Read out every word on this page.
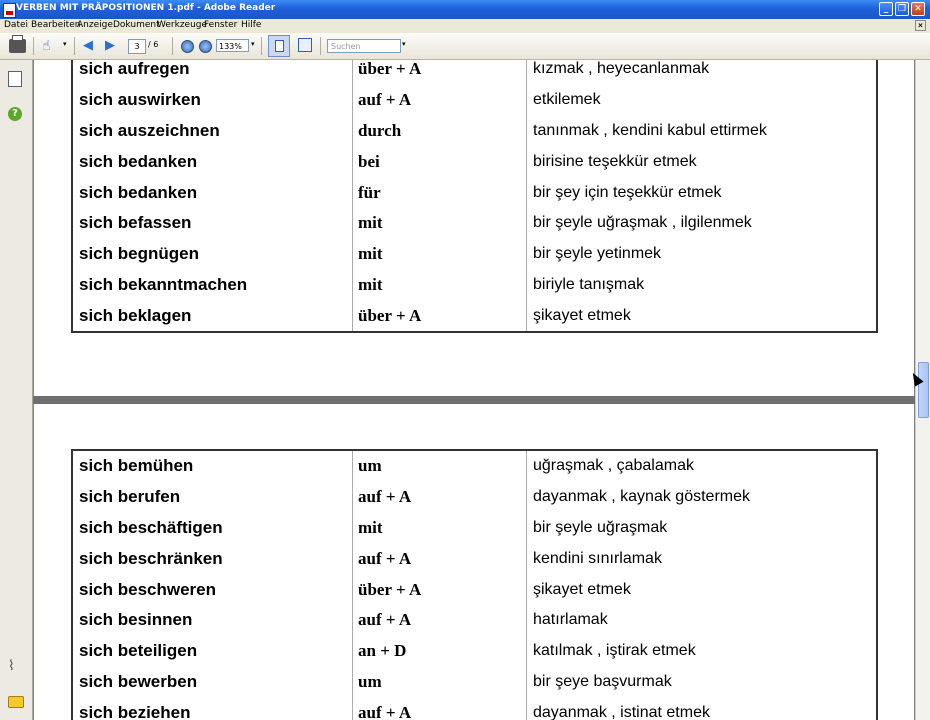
VERBEN MIT PRÄPOSITIONEN 1.pdf - Adobe Reader	_	❐ ✕
Datei Bearbeiten
Anzeige Dokument
Werkzeuge
Fenster Hilfe	×
☝	▾ ◀ ▶	3	/ 6	133%	▾	Suchen	▾
?
⌇
sich aufregen	über + A	kızmak , heyecanlanmak
sich auswirken	auf + A	etkilemek
sich auszeichnen	durch	tanınmak , kendini kabul ettirmek
sich bedanken	bei	birisine teşekkür etmek
sich bedanken	für	bir şey için teşekkür etmek
sich befassen	mit	bir şeyle uğraşmak , ilgilenmek
sich begnügen	mit	bir şeyle yetinmek
sich bekanntmachen	mit	biriyle tanışmak
sich beklagen	über + A	şikayet etmek
sich bemühen	um	uğraşmak , çabalamak
sich berufen	auf + A	dayanmak , kaynak göstermek
sich beschäftigen	mit	bir şeyle uğraşmak
sich beschränken	auf + A	kendini sınırlamak
sich beschweren	über + A	şikayet etmek
sich besinnen	auf + A	hatırlamak
sich beteiligen	an + D	katılmak , iştirak etmek
sich bewerben	um	bir şeye başvurmak
sich beziehen	auf + A	dayanmak , istinat etmek
